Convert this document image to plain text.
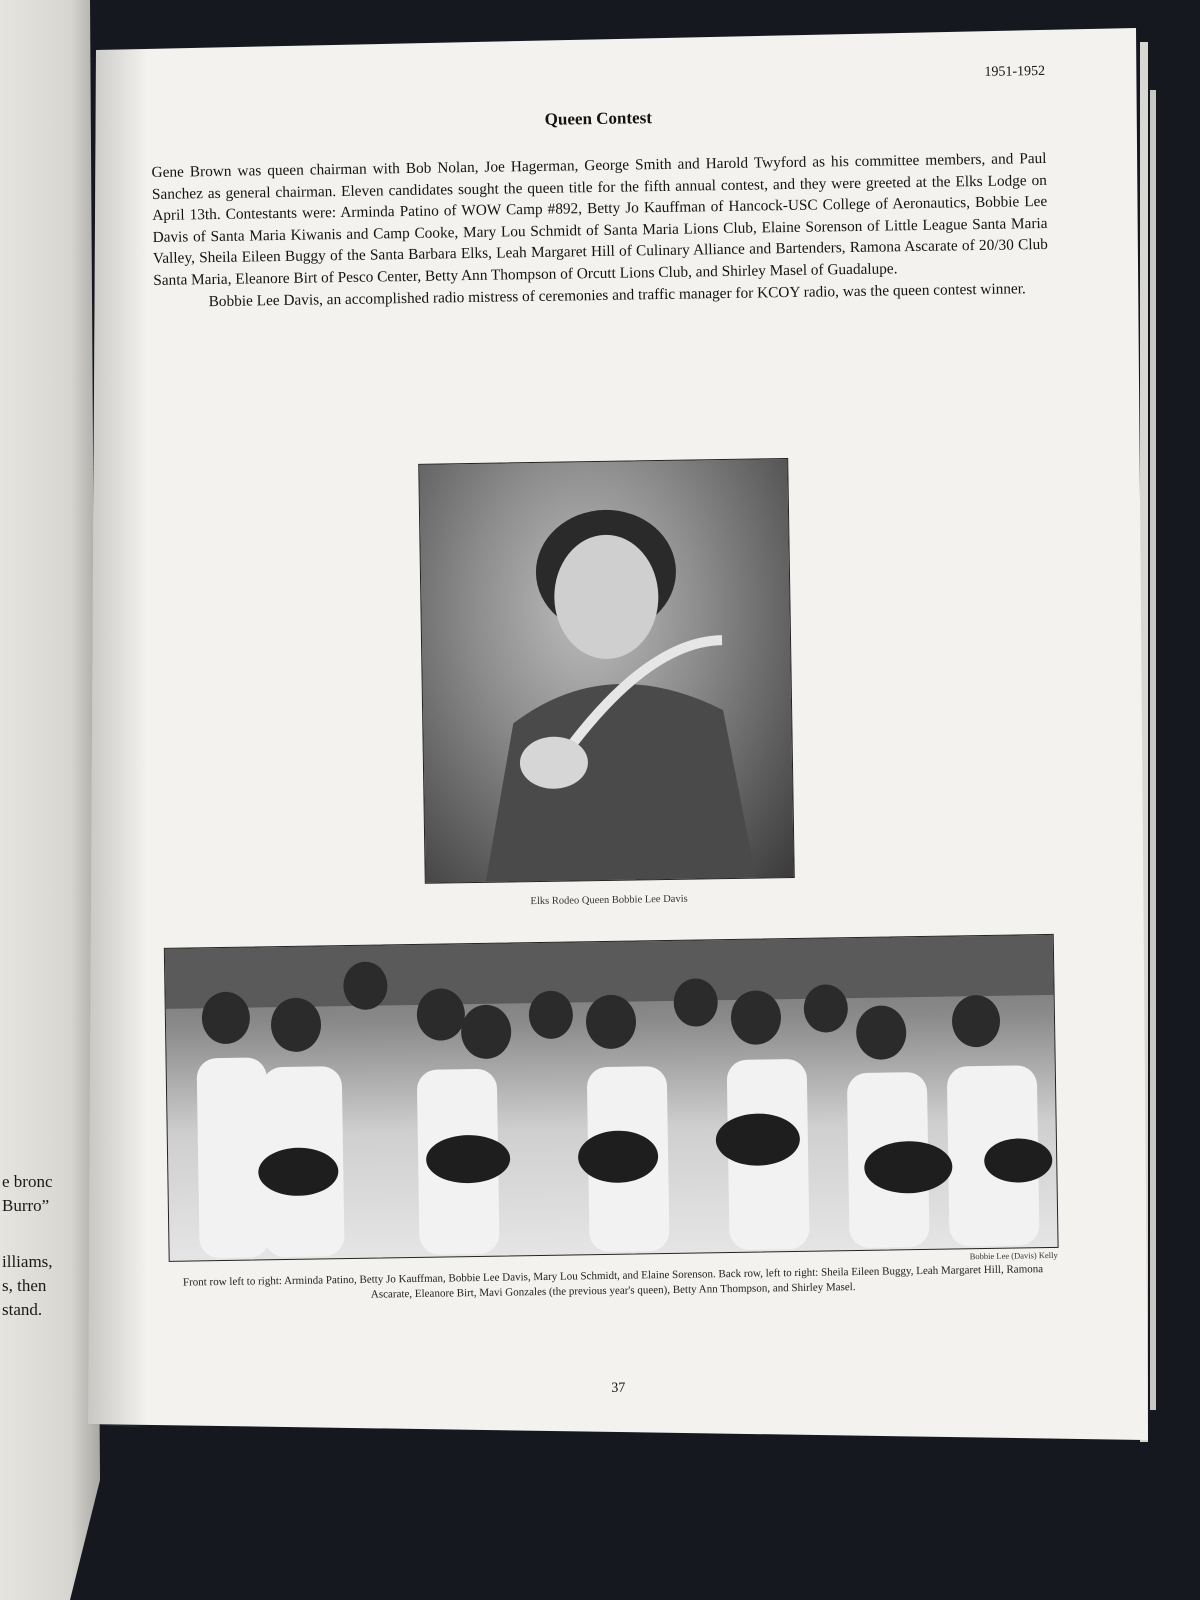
e bronc
Burro”
illiams,
s, then
stand.
1951-1952
Queen Contest

Gene Brown was queen chairman with Bob Nolan, Joe Hagerman, George Smith and Harold Twyford as his committee members, and Paul Sanchez as general chairman. Eleven candidates sought the queen title for the fifth annual contest, and they were greeted at the Elks Lodge on April 13th. Contestants were: Arminda Patino of WOW Camp #892, Betty Jo Kauffman of Hancock-USC College of Aeronautics, Bobbie Lee Davis of Santa Maria Kiwanis and Camp Cooke, Mary Lou Schmidt of Santa Maria Lions Club, Elaine Sorenson of Little League Santa Maria Valley, Sheila Eileen Buggy of the Santa Barbara Elks, Leah Margaret Hill of Culinary Alliance and Bartenders, Ramona Ascarate of 20/30 Club Santa Maria, Eleanore Birt of Pesco Center, Betty Ann Thompson of Orcutt Lions Club, and Shirley Masel of Guadalupe.

Bobbie Lee Davis, an accomplished radio mistress of ceremonies and traffic manager for KCOY radio, was the queen contest winner.

Elks Rodeo Queen Bobbie Lee Davis
Bobbie Lee (Davis) Kelly
Front row left to right: Arminda Patino, Betty Jo Kauffman, Bobbie Lee Davis, Mary Lou Schmidt, and Elaine Sorenson. Back row, left to right: Sheila Eileen Buggy, Leah Margaret Hill, Ramona Ascarate, Eleanore Birt, Mavi Gonzales (the previous year's queen), Betty Ann Thompson, and Shirley Masel.
37
